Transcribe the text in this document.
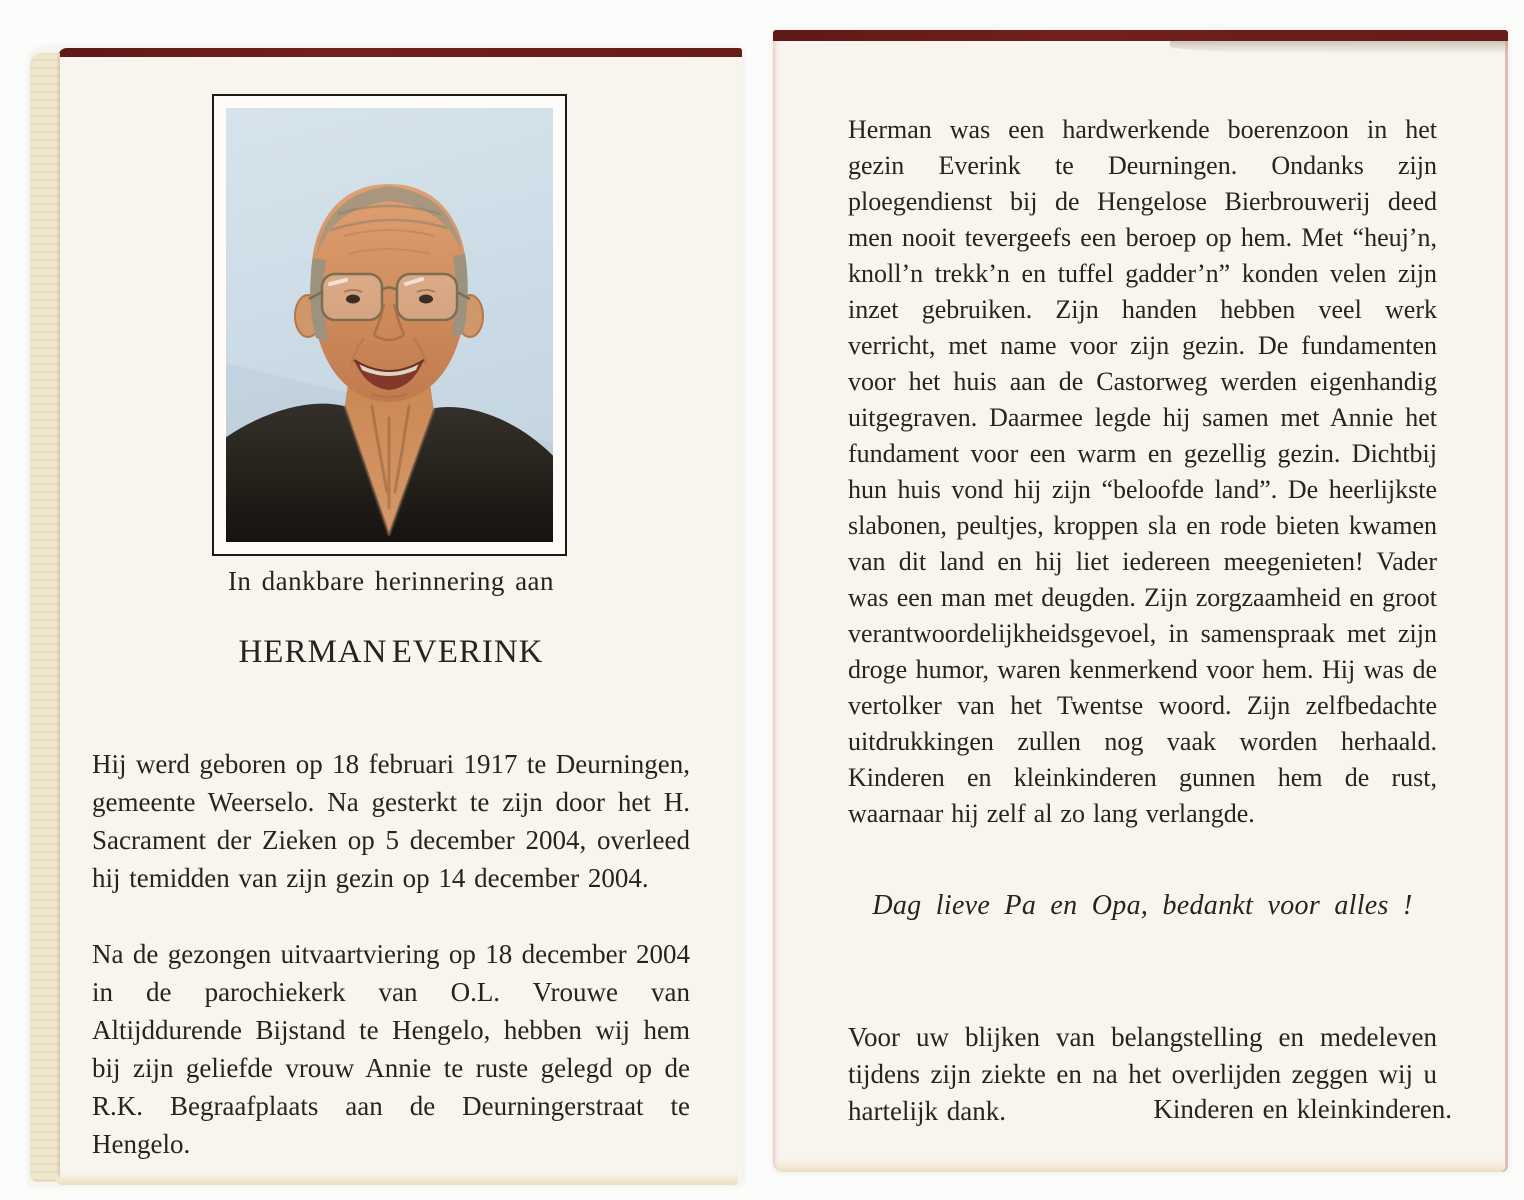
In dankbare herinnering aan
HERMAN EVERINK

Hij werd geboren op 18 februari 1917 te Deurningen, gemeente Weerselo. Na gesterkt te zijn door het H. Sacrament der Zieken op 5 december 2004, overleed hij temidden van zijn gezin op 14 december 2004.

Na de gezongen uitvaartviering op 18 december 2004 in de parochiekerk van O.L. Vrouwe van Altijddurende Bijstand te Hengelo, hebben wij hem bij zijn geliefde vrouw Annie te ruste gelegd op de R.K. Begraafplaats aan de Deurningerstraat te Hengelo.

Herman was een hardwerkende boerenzoon in het gezin Everink te Deurningen. Ondanks zijn ploegendienst bij de Hengelose Bierbrouwerij deed men nooit tevergeefs een beroep op hem. Met “heuj’n, knoll’n trekk’n en tuffel gadder’n” konden velen zijn inzet gebruiken. Zijn handen hebben veel werk verricht, met name voor zijn gezin. De fundamenten voor het huis aan de Castorweg werden eigenhandig uitgegraven. Daarmee legde hij samen met Annie het fundament voor een warm en gezellig gezin. Dichtbij hun huis vond hij zijn “beloofde land”. De heerlijkste slabonen, peultjes, kroppen sla en rode bieten kwamen van dit land en hij liet iedereen meegenieten! Vader was een man met deugden. Zijn zorgzaamheid en groot verantwoordelijkheidsgevoel, in samenspraak met zijn droge humor, waren kenmerkend voor hem. Hij was de vertolker van het Twentse woord. Zijn zelfbedachte uitdrukkingen zullen nog vaak worden herhaald. Kinderen en kleinkinderen gunnen hem de rust, waarnaar hij zelf al zo lang verlangde.

Dag lieve Pa en Opa, bedankt voor alles !

Voor uw blijken van belangstelling en medeleven tijdens zijn ziekte en na het overlijden zeggen wij u hartelijk dank.	Kinderen en kleinkinderen.
